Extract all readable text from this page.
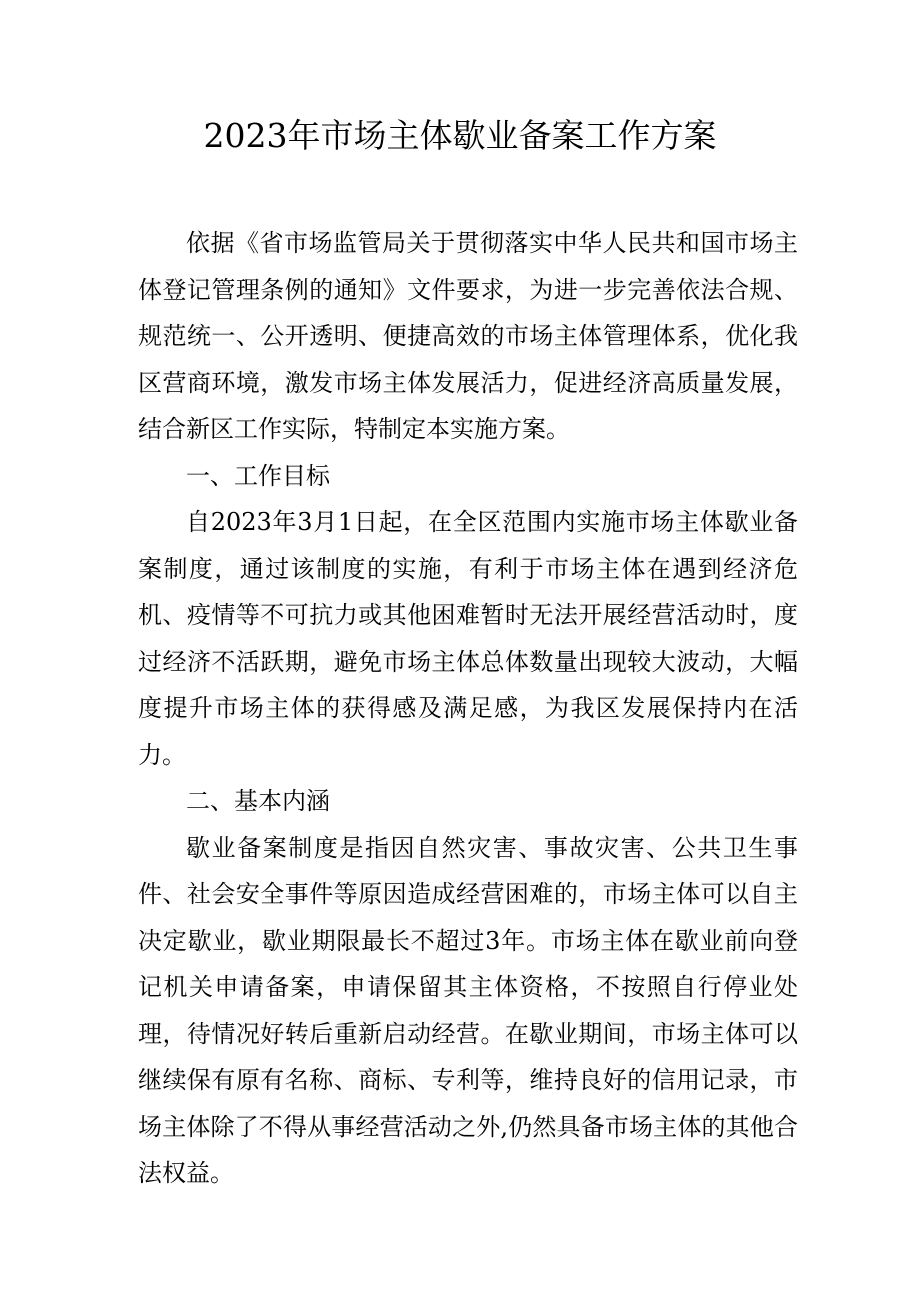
2023年市场主体歇业备案工作方案

依据《省市场监管局关于贯彻落实中华人民共和国市场主体登记管理条例的通知》文件要求，为进一步完善依法合规、规范统一、公开透明、便捷高效的市场主体管理体系，优化我区营商环境，激发市场主体发展活力，促进经济高质量发展，结合新区工作实际，特制定本实施方案。

一、工作目标

自2023年3月1日起，在全区范围内实施市场主体歇业备案制度，通过该制度的实施，有利于市场主体在遇到经济危机、疫情等不可抗力或其他困难暂时无法开展经营活动时，度过经济不活跃期，避免市场主体总体数量出现较大波动，大幅度提升市场主体的获得感及满足感，为我区发展保持内在活力。

二、基本内涵

歇业备案制度是指因自然灾害、事故灾害、公共卫生事件、社会安全事件等原因造成经营困难的，市场主体可以自主决定歇业，歇业期限最长不超过3年。市场主体在歇业前向登记机关申请备案，申请保留其主体资格，不按照自行停业处理，待情况好转后重新启动经营。在歇业期间，市场主体可以继续保有原有名称、商标、专利等，维持良好的信用记录，市场主体除了不得从事经营活动之外,仍然具备市场主体的其他合法权益。
